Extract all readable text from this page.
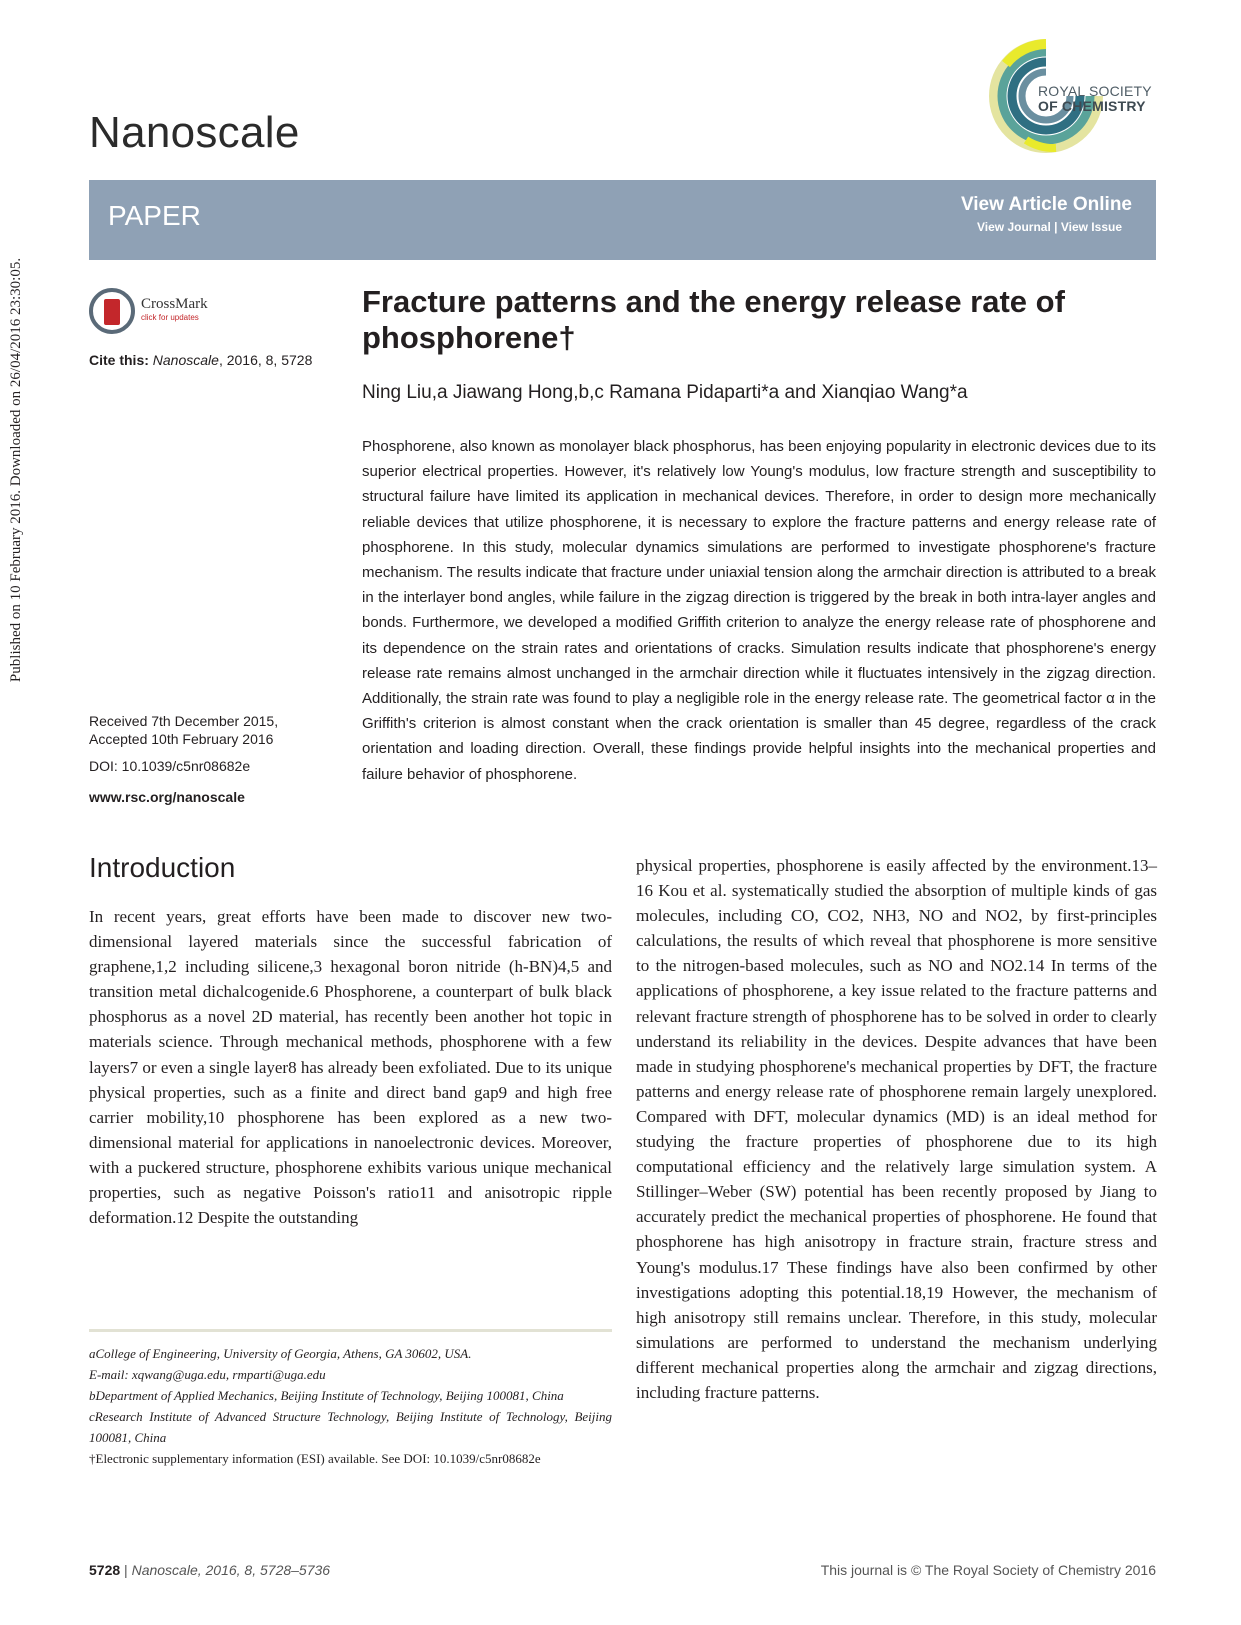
Published on 10 February 2016. Downloaded on 26/04/2016 23:30:05.
Nanoscale
ROYAL SOCIETY
OF CHEMISTRY
PAPER	View Article Online
View Journal | View Issue
CrossMark
click for updates
Cite this: Nanoscale, 2016, 8, 5728
Received 7th December 2015,
Accepted 10th February 2016
DOI: 10.1039/c5nr08682e
www.rsc.org/nanoscale
Fracture patterns and the energy release rate of phosphorene†
Ning Liu,a Jiawang Hong,b,c Ramana Pidaparti*a and Xianqiao Wang*a
Phosphorene, also known as monolayer black phosphorus, has been enjoying popularity in electronic devices due to its superior electrical properties. However, it's relatively low Young's modulus, low fracture strength and susceptibility to structural failure have limited its application in mechanical devices. Therefore, in order to design more mechanically reliable devices that utilize phosphorene, it is necessary to explore the fracture patterns and energy release rate of phosphorene. In this study, molecular dynamics simulations are performed to investigate phosphorene's fracture mechanism. The results indicate that fracture under uniaxial tension along the armchair direction is attributed to a break in the interlayer bond angles, while failure in the zigzag direction is triggered by the break in both intra-layer angles and bonds. Furthermore, we developed a modified Griffith criterion to analyze the energy release rate of phosphorene and its dependence on the strain rates and orientations of cracks. Simulation results indicate that phosphorene's energy release rate remains almost unchanged in the armchair direction while it fluctuates intensively in the zigzag direction. Additionally, the strain rate was found to play a negligible role in the energy release rate. The geometrical factor α in the Griffith's criterion is almost constant when the crack orientation is smaller than 45 degree, regardless of the crack orientation and loading direction. Overall, these findings provide helpful insights into the mechanical properties and failure behavior of phosphorene.
Introduction
In recent years, great efforts have been made to discover new two-dimensional layered materials since the successful fabrication of graphene,1,2 including silicene,3 hexagonal boron nitride (h-BN)4,5 and transition metal dichalcogenide.6 Phosphorene, a counterpart of bulk black phosphorus as a novel 2D material, has recently been another hot topic in materials science. Through mechanical methods, phosphorene with a few layers7 or even a single layer8 has already been exfoliated. Due to its unique physical properties, such as a finite and direct band gap9 and high free carrier mobility,10 phosphorene has been explored as a new two-dimensional material for applications in nanoelectronic devices. Moreover, with a puckered structure, phosphorene exhibits various unique mechanical properties, such as negative Poisson's ratio11 and anisotropic ripple deformation.12 Despite the outstanding
physical properties, phosphorene is easily affected by the environment.13–16 Kou et al. systematically studied the absorption of multiple kinds of gas molecules, including CO, CO2, NH3, NO and NO2, by first-principles calculations, the results of which reveal that phosphorene is more sensitive to the nitrogen-based molecules, such as NO and NO2.14 In terms of the applications of phosphorene, a key issue related to the fracture patterns and relevant fracture strength of phosphorene has to be solved in order to clearly understand its reliability in the devices. Despite advances that have been made in studying phosphorene's mechanical properties by DFT, the fracture patterns and energy release rate of phosphorene remain largely unexplored. Compared with DFT, molecular dynamics (MD) is an ideal method for studying the fracture properties of phosphorene due to its high computational efficiency and the relatively large simulation system. A Stillinger–Weber (SW) potential has been recently proposed by Jiang to accurately predict the mechanical properties of phosphorene. He found that phosphorene has high anisotropy in fracture strain, fracture stress and Young's modulus.17 These findings have also been confirmed by other investigations adopting this potential.18,19 However, the mechanism of high anisotropy still remains unclear. Therefore, in this study, molecular simulations are performed to understand the mechanism underlying different mechanical properties along the armchair and zigzag directions, including fracture patterns.
aCollege of Engineering, University of Georgia, Athens, GA 30602, USA.
E-mail: xqwang@uga.edu, rmparti@uga.edu
bDepartment of Applied Mechanics, Beijing Institute of Technology, Beijing 100081, China
cResearch Institute of Advanced Structure Technology, Beijing Institute of Technology, Beijing 100081, China
†Electronic supplementary information (ESI) available. See DOI: 10.1039/c5nr08682e
5728 | Nanoscale, 2016, 8, 5728–5736	This journal is © The Royal Society of Chemistry 2016
